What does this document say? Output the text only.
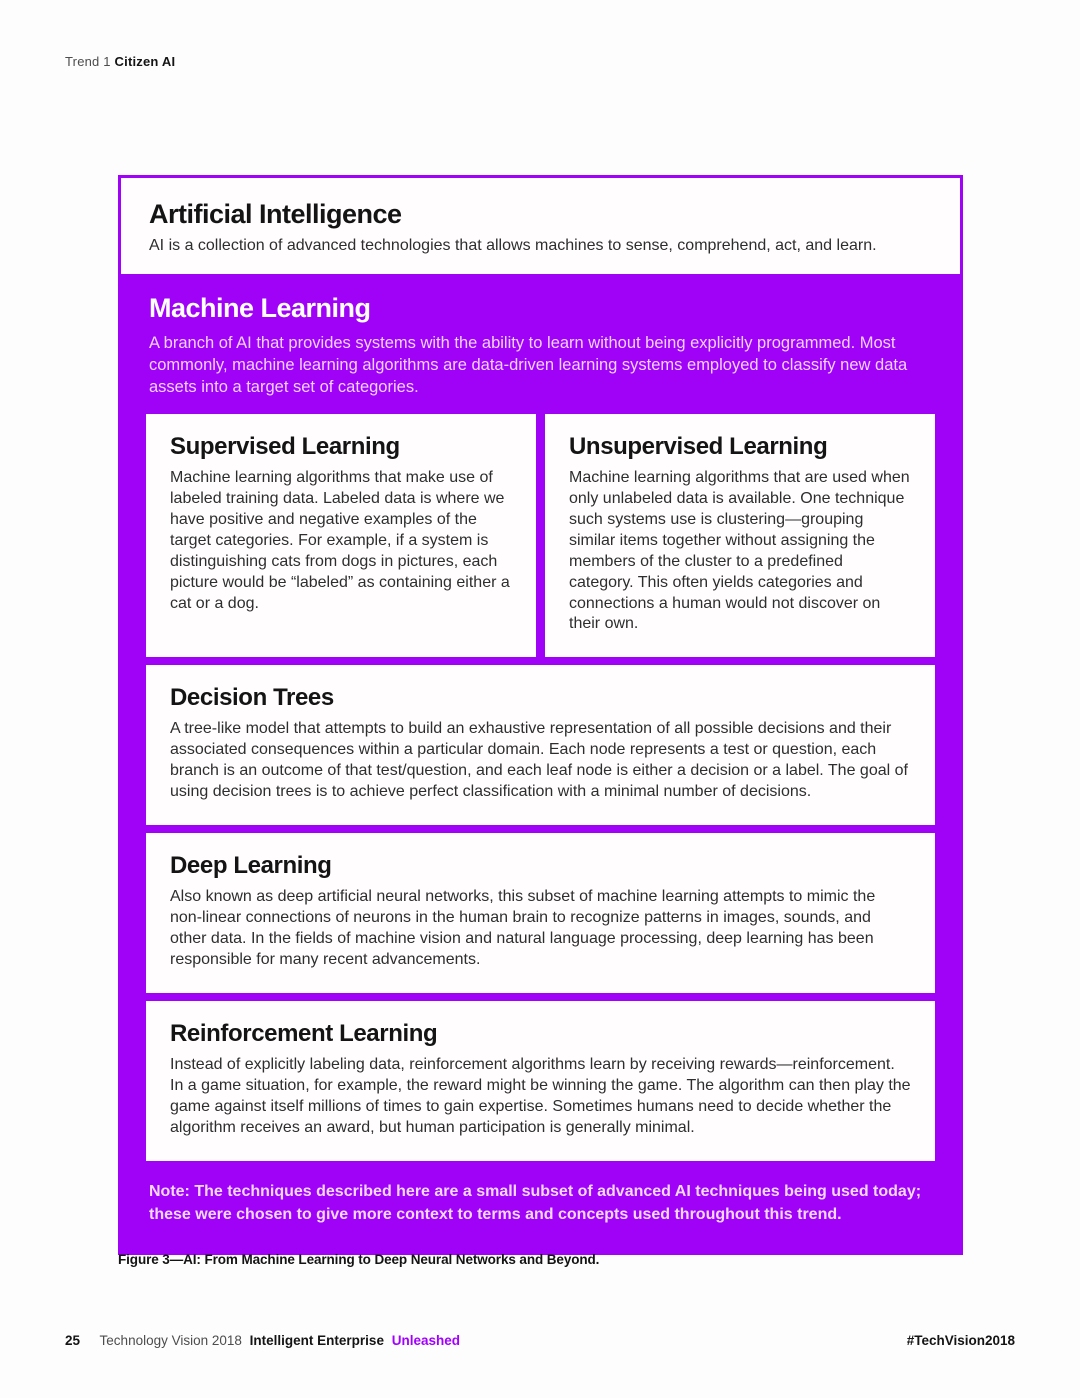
Trend 1 Citizen AI
Artificial Intelligence
AI is a collection of advanced technologies that allows machines to sense, comprehend, act, and learn.
Machine Learning
A branch of AI that provides systems with the ability to learn without being explicitly programmed. Most commonly, machine learning algorithms are data-driven learning systems employed to classify new data assets into a target set of categories.
Supervised Learning
Machine learning algorithms that make use of labeled training data. Labeled data is where we have positive and negative examples of the target categories. For example, if a system is distinguishing cats from dogs in pictures, each picture would be “labeled” as containing either a cat or a dog.
Unsupervised Learning
Machine learning algorithms that are used when only unlabeled data is available. One technique such systems use is clustering—grouping similar items together without assigning the members of the cluster to a predefined category. This often yields categories and connections a human would not discover on their own.
Decision Trees
A tree-like model that attempts to build an exhaustive representation of all possible decisions and their associated consequences within a particular domain. Each node represents a test or question, each branch is an outcome of that test/question, and each leaf node is either a decision or a label. The goal of using decision trees is to achieve perfect classification with a minimal number of decisions.
Deep Learning
Also known as deep artificial neural networks, this subset of machine learning attempts to mimic the non-linear connections of neurons in the human brain to recognize patterns in images, sounds, and other data. In the fields of machine vision and natural language processing, deep learning has been responsible for many recent advancements.
Reinforcement Learning
Instead of explicitly labeling data, reinforcement algorithms learn by receiving rewards—reinforcement. In a game situation, for example, the reward might be winning the game. The algorithm can then play the game against itself millions of times to gain expertise. Sometimes humans need to decide whether the algorithm receives an award, but human participation is generally minimal.
Note: The techniques described here are a small subset of advanced AI techniques being used today; these were chosen to give more context to terms and concepts used throughout this trend.
Figure 3—AI: From Machine Learning to Deep Neural Networks and Beyond.
25 Technology Vision 2018 Intelligent Enterprise Unleashed	#TechVision2018
